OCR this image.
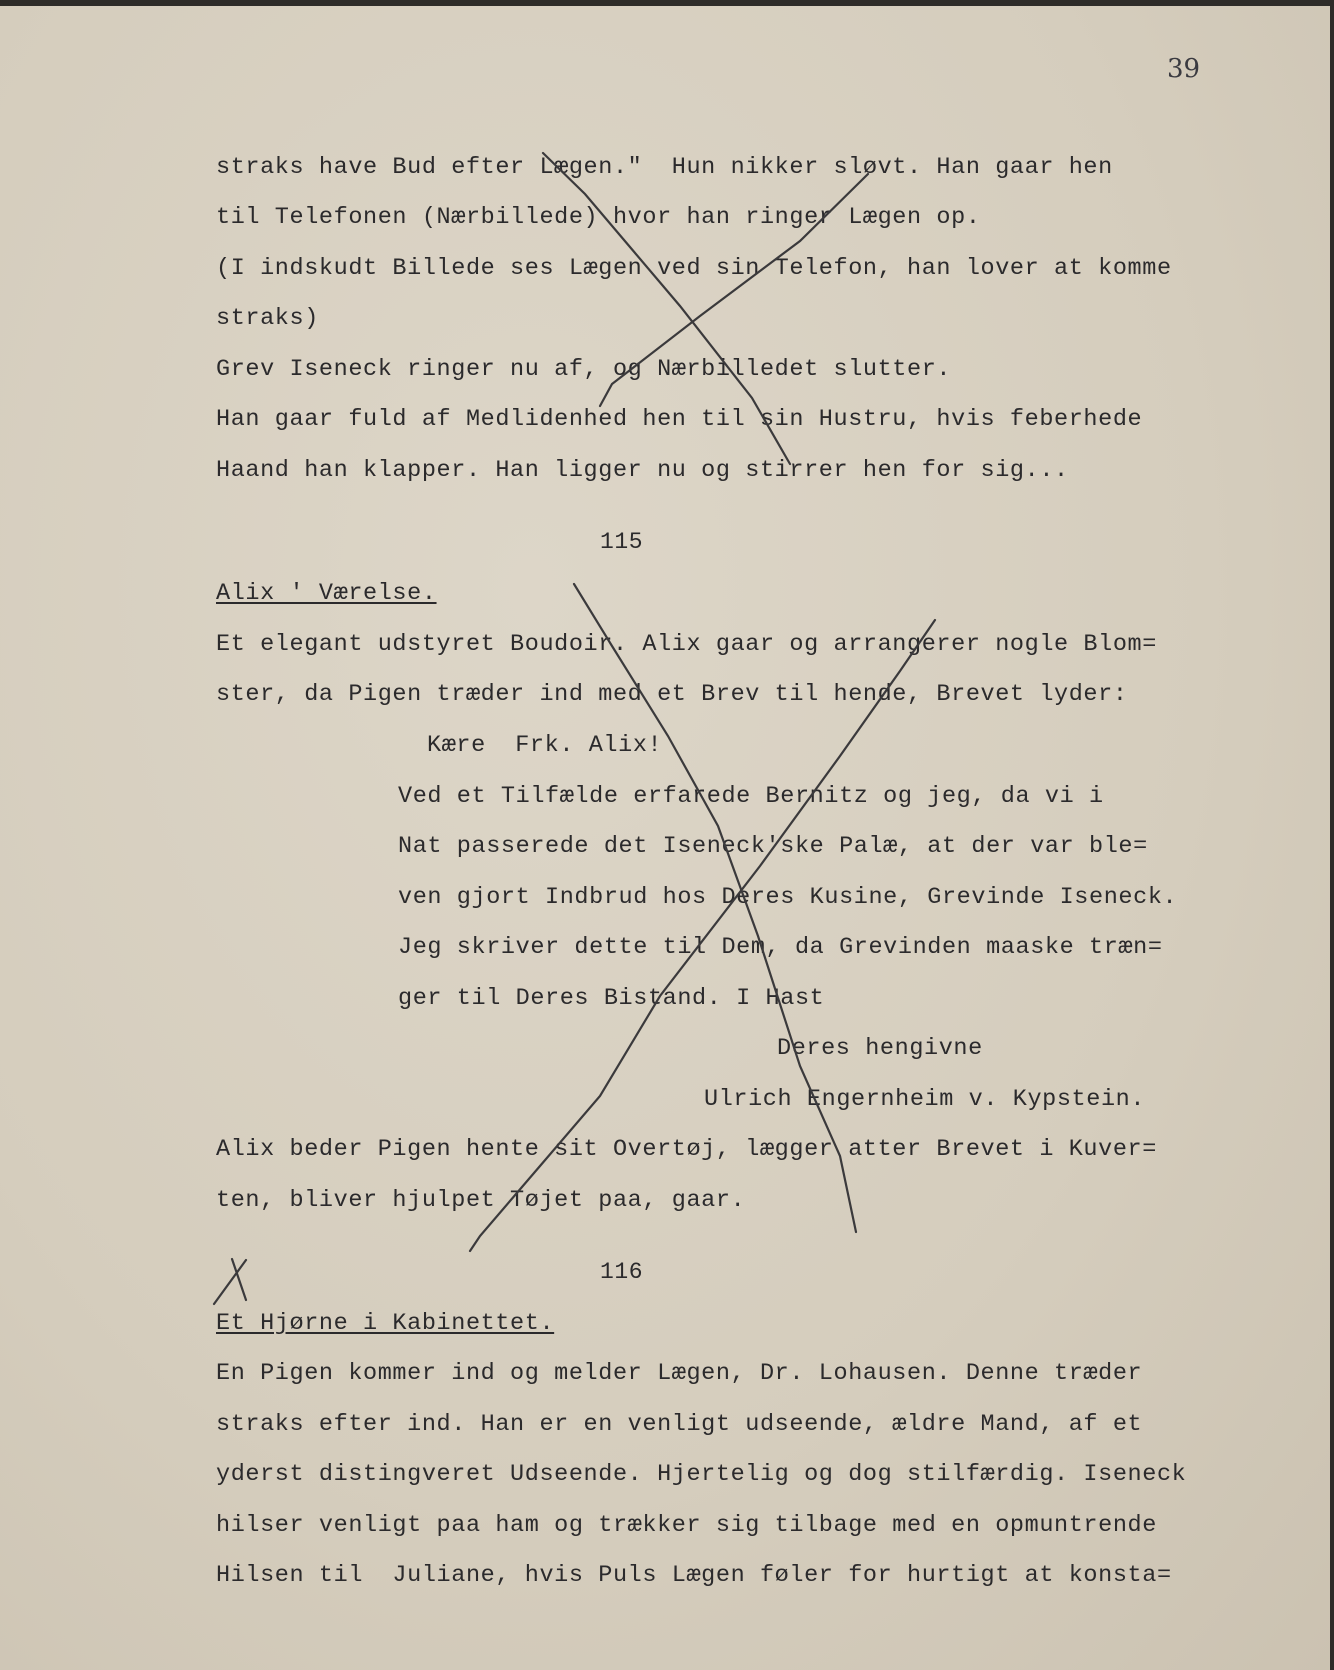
39

straks have Bud efter Lægen."  Hun nikker sløvt. Han gaar hen

til Telefonen (Nærbillede) hvor han ringer Lægen op.

(I indskudt Billede ses Lægen ved sin Telefon, han lover at komme

straks)

Grev Iseneck ringer nu af, og Nærbilledet slutter.

Han gaar fuld af Medlidenhed hen til sin Hustru, hvis feberhede

Haand han klapper. Han ligger nu og stirrer hen for sig...

115

Alix ' Værelse.

Et elegant udstyret Boudoir. Alix gaar og arrangerer nogle Blom=

ster, da Pigen træder ind med et Brev til hende, Brevet lyder:

Kære  Frk. Alix!

Ved et Tilfælde erfarede Bernitz og jeg, da vi i

Nat passerede det Iseneck'ske Palæ, at der var ble=

ven gjort Indbrud hos Deres Kusine, Grevinde Iseneck.

Jeg skriver dette til Dem, da Grevinden maaske træn=

ger til Deres Bistand. I Hast

Deres hengivne

Ulrich Engernheim v. Kypstein.

Alix beder Pigen hente sit Overtøj, lægger atter Brevet i Kuver=

ten, bliver hjulpet Tøjet paa, gaar.

116

Et Hjørne i Kabinettet.

En Pigen kommer ind og melder Lægen, Dr. Lohausen. Denne træder

straks efter ind. Han er en venligt udseende, ældre Mand, af et

yderst distingveret Udseende. Hjertelig og dog stilfærdig. Iseneck

hilser venligt paa ham og trækker sig tilbage med en opmuntrende

Hilsen til  Juliane, hvis Puls Lægen føler for hurtigt at konsta=
